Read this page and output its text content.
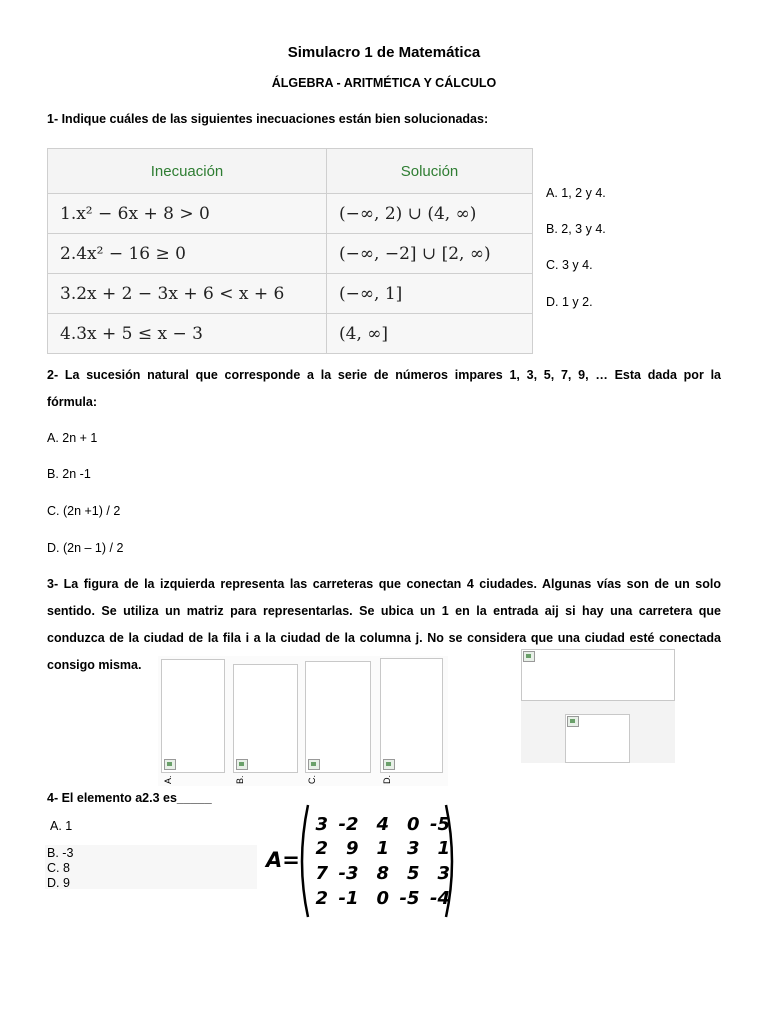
Simulacro 1 de Matemática
ÁLGEBRA - ARITMÉTICA Y CÁLCULO
1- Indique cuáles de las siguientes inecuaciones están bien solucionadas:
Inecuación	Solución
1.x² − 6x + 8 > 0	(−∞, 2) ∪ (4, ∞)
2.4x² − 16 ≥ 0	(−∞, −2] ∪ [2, ∞)
3.2x + 2 − 3x + 6 < x + 6	(−∞, 1]
4.3x + 5 ≤ x − 3	(4, ∞]
A. 1, 2 y 4.
B. 2, 3 y 4.
C. 3 y 4.
D. 1 y 2.
2- La sucesión natural que corresponde a la serie de números impares 1, 3, 5, 7, 9, … Esta dada por la
fórmula:
A. 2n + 1
B. 2n -1
C. (2n +1) / 2
D. (2n – 1) / 2
3- La figura de la izquierda representa las carreteras que conectan 4 ciudades. Algunas vías son de un solo
sentido. Se utiliza un matriz para representarlas. Se ubica un 1 en la entrada aij si hay una carretera que
conduzca de la ciudad de la fila i a la ciudad de la columna j. No se considera que una ciudad esté conectada
consigo misma.
A.	B.	C.	D.
4- El elemento a2.3 es_____
A. 1
B. -3
C. 8
D. 9
A=
3 -2 4 0 -5
2 9 1 3 1
7 -3 8 5 3
2 -1 0 -5 -4
